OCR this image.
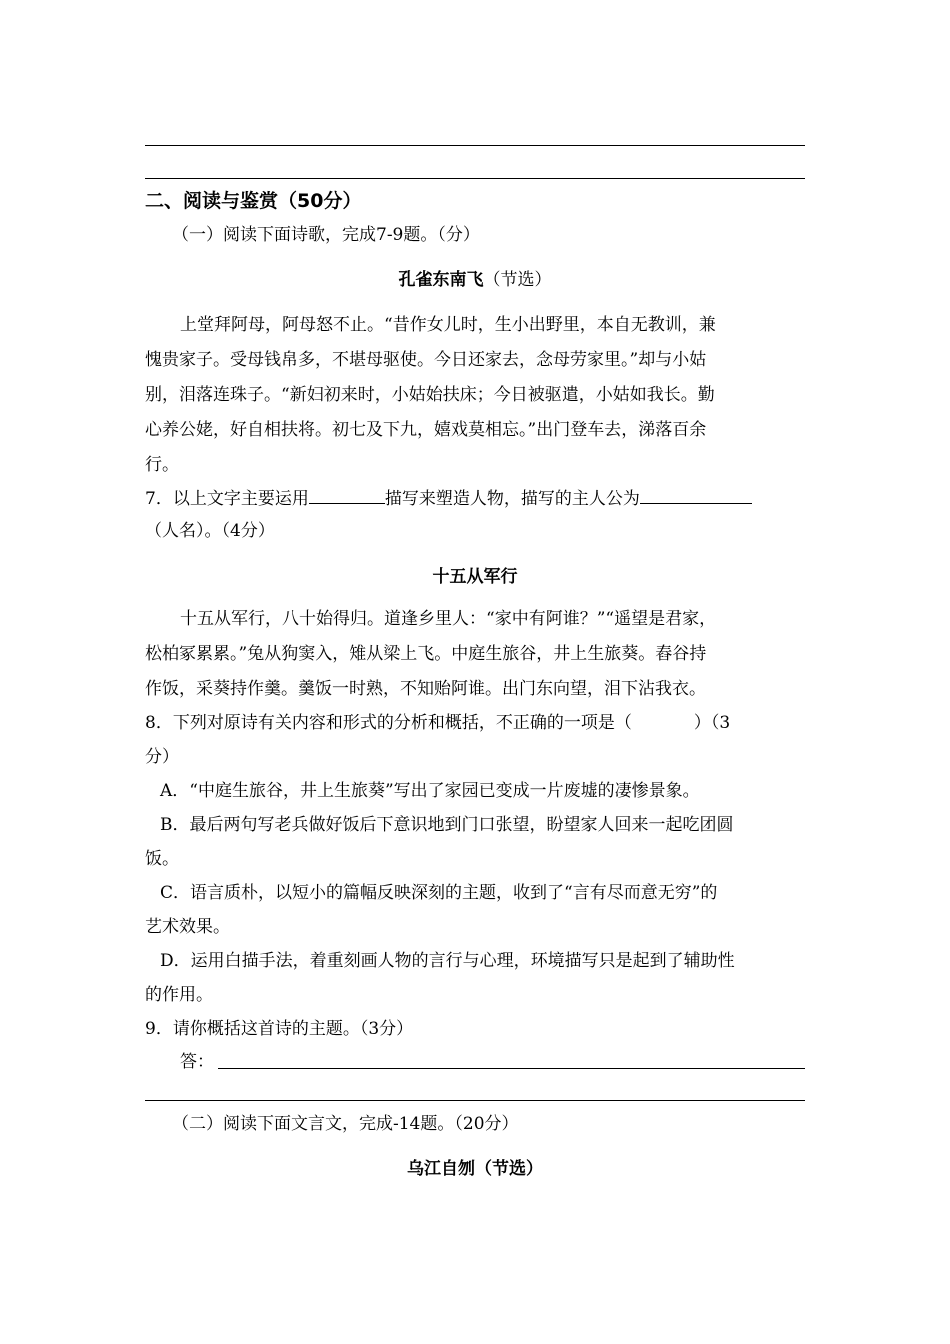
二、阅读与鉴赏（50分）
（一）阅读下面诗歌，完成7-9题。（分）
孔雀东南飞（节选）
上堂拜阿母，阿母怒不止。“昔作女儿时，生小出野里，本自无教训，兼
愧贵家子。受母钱帛多，不堪母驱使。今日还家去，念母劳家里。”却与小姑
别，泪落连珠子。“新妇初来时，小姑始扶床；今日被驱遣，小姑如我长。勤
心养公姥，好自相扶将。初七及下九，嬉戏莫相忘。”出门登车去，涕落百余
行。
7．以上文字主要运用	描写来塑造人物，描写的主人公为
（人名）。（4分）
十五从军行
十五从军行，八十始得归。道逢乡里人：“家中有阿谁？”“遥望是君家，
松柏冢累累。”兔从狗窦入，雉从梁上飞。中庭生旅谷，井上生旅葵。舂谷持
作饭，采葵持作羹。羹饭一时熟，不知贻阿谁。出门东向望，泪下沾我衣。
8．下列对原诗有关内容和形式的分析和概括，不正确的一项是（	）（3
分）
A．“中庭生旅谷，井上生旅葵”写出了家园已变成一片废墟的凄惨景象。
B．最后两句写老兵做好饭后下意识地到门口张望，盼望家人回来一起吃团圆
饭。
C．语言质朴，以短小的篇幅反映深刻的主题，收到了“言有尽而意无穷”的
艺术效果。
D．运用白描手法，着重刻画人物的言行与心理，环境描写只是起到了辅助性
的作用。
9．请你概括这首诗的主题。（3分）
答：
（二）阅读下面文言文，完成-14题。（20分）
乌江自刎（节选）
